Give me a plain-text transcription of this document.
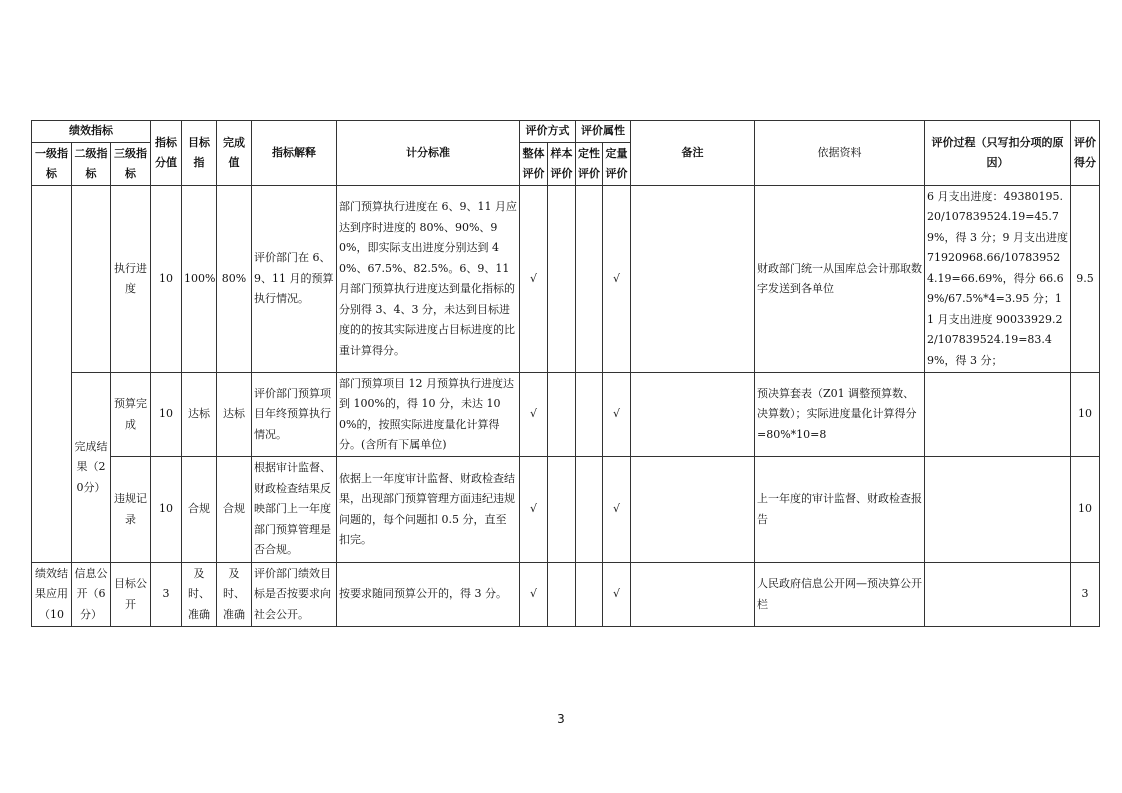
绩效指标			指标分值	目标指	完成值	指标解释	计分标准	评价方式		评价属性		备注	依据资料	评价过程（只写扣分项的原因）	评价得分
一级指标	二级指标	三级指标						整体评价	样本评价	定性评价	定量评价				

		执行进度	10	100%	80%	评价部门在 6、9、11 月的预算执行情况。	部门预算执行进度在 6、9、11 月应达到序时进度的 80%、90%、90%，即实际支出进度分别达到 40%、67.5%、82.5%。6、9、11 月部门预算执行进度达到量化指标的分别得 3、4、3 分，未达到目标进度的的按其实际进度占目标进度的比重计算得分。	√			√		财政部门统一从国库总会计那取数字发送到各单位	6 月支出进度：49380195.20/107839524.19=45.79%，得 3 分；9 月支出进度 71920968.66/107839524.19=66.69%，得分 66.69%/67.5%*4=3.95 分；11 月支出进度 90033929.22/107839524.19=83.49%，得 3 分；	9.5
	完成结果（20分）	预算完成	10	达标	达标	评价部门预算项目年终预算执行情况。	部门预算项目 12 月预算执行进度达到 100%的，得 10 分，未达 100%的，按照实际进度量化计算得分。(含所有下属单位)	√			√		预决算套表（Z01 调整预算数、决算数）；实际进度量化计算得分 =80%*10=8		10
		违规记录	10	合规	合规	根据审计监督、财政检查结果反映部门上一年度部门预算管理是否合规。	依据上一年度审计监督、财政检查结果，出现部门预算管理方面违纪违规问题的，每个问题扣 0.5 分，直至扣完。	√			√		上一年度的审计监督、财政检查报告		10
绩效结果应用（10	信息公开（6分）	目标公开	3	及时、准确	及时、准确	评价部门绩效目标是否按要求向社会公开。	按要求随同预算公开的，得 3 分。	√			√		人民政府信息公开网—预决算公开栏		3
3
